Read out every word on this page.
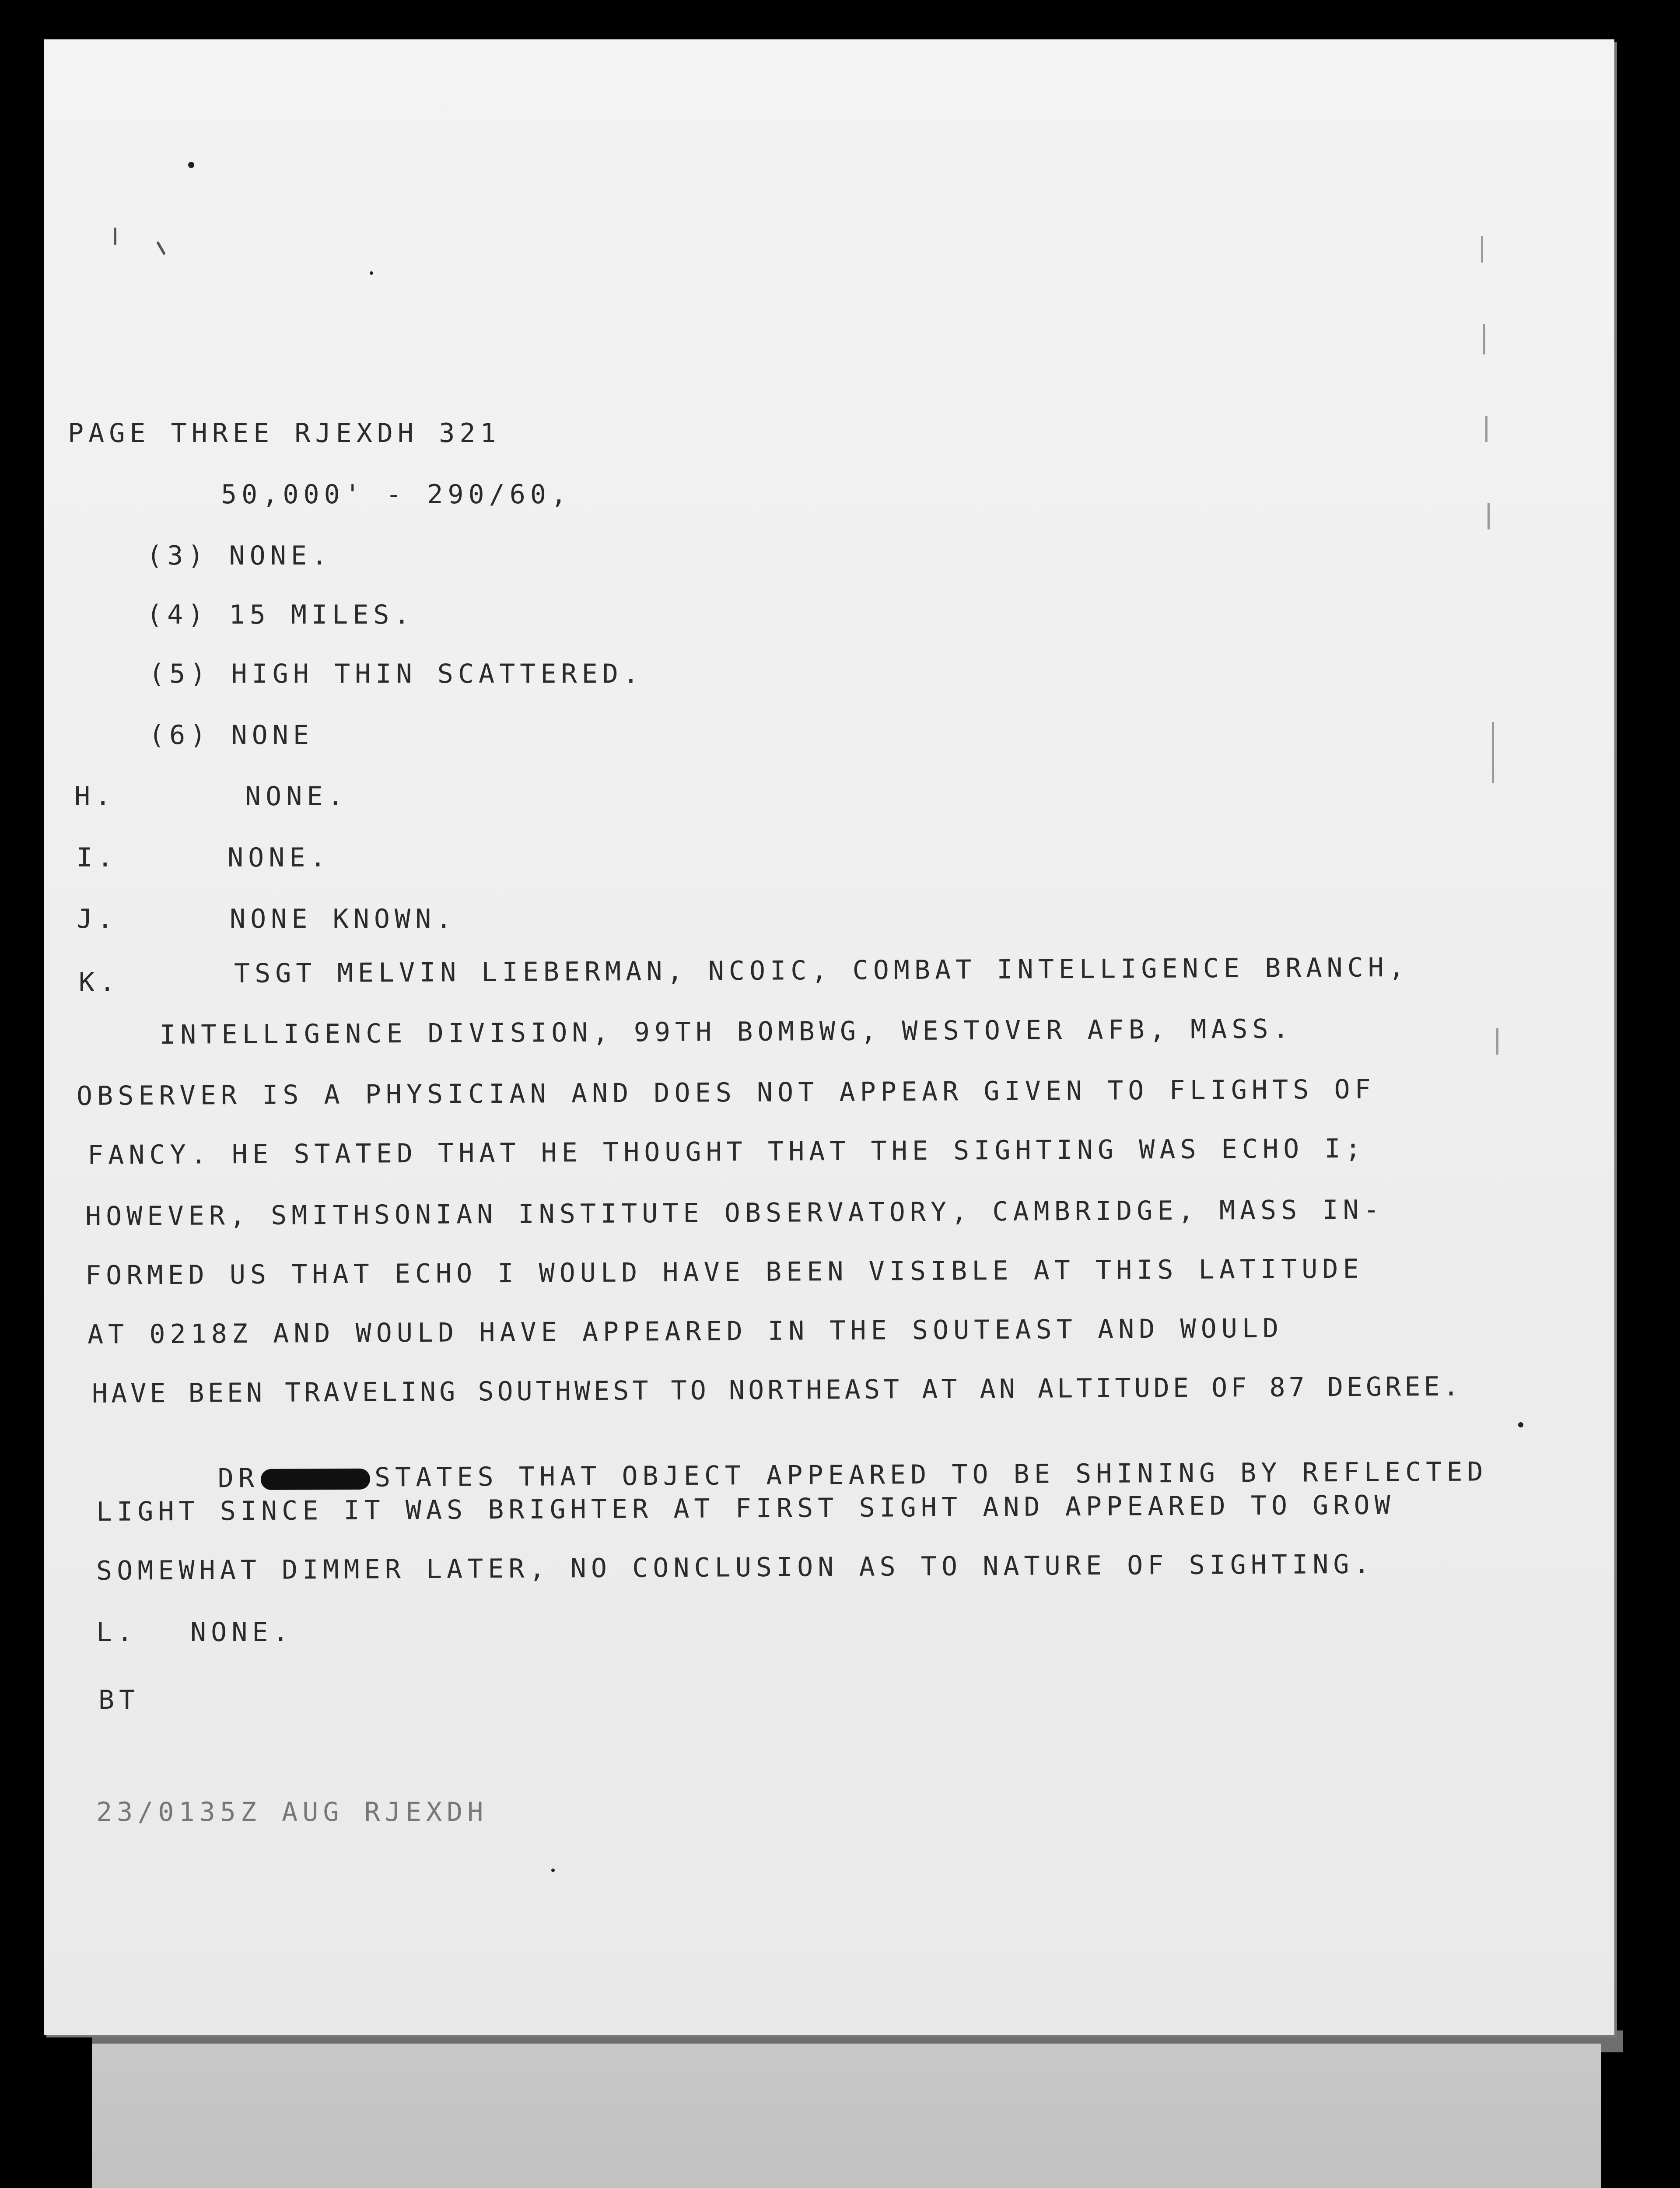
PAGE THREE RJEXDH 321
50,000' - 290/60,
(3) NONE.
(4) 15 MILES.
(5) HIGH THIN SCATTERED.
(6) NONE
H.	NONE.
I.	NONE.
J.	NONE KNOWN.
K.	TSGT MELVIN LIEBERMAN, NCOIC, COMBAT INTELLIGENCE BRANCH,
INTELLIGENCE DIVISION, 99TH BOMBWG, WESTOVER AFB, MASS.
OBSERVER IS A PHYSICIAN AND DOES NOT APPEAR GIVEN TO FLIGHTS OF
FANCY. HE STATED THAT HE THOUGHT THAT THE SIGHTING WAS ECHO I;
HOWEVER, SMITHSONIAN INSTITUTE OBSERVATORY, CAMBRIDGE, MASS IN-
FORMED US THAT ECHO I WOULD HAVE BEEN VISIBLE AT THIS LATITUDE
AT 0218Z AND WOULD HAVE APPEARED IN THE SOUTEAST AND WOULD
HAVE BEEN TRAVELING SOUTHWEST TO NORTHEAST AT AN ALTITUDE OF 87 DEGREE.

DR	STATES THAT OBJECT APPEARED TO BE SHINING BY REFLECTED

LIGHT SINCE IT WAS BRIGHTER AT FIRST SIGHT AND APPEARED TO GROW
SOMEWHAT DIMMER LATER, NO CONCLUSION AS TO NATURE OF SIGHTING.
L. NONE.
BT
23/0135Z AUG RJEXDH
